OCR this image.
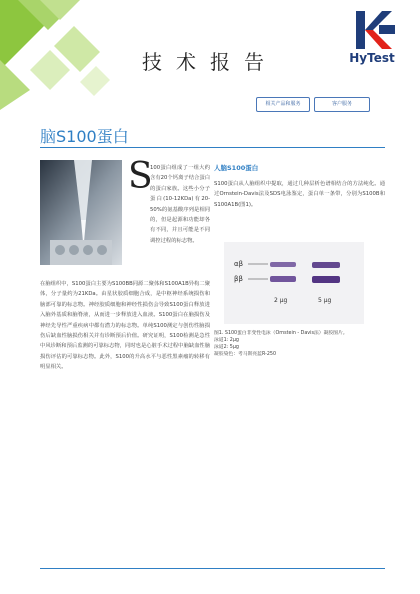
HyTest
技术报告
相关产品和服务	客户服务
脑S100蛋白
S
100蛋白组成了一组大约含有20个钙离子结合蛋白的蛋白家族。这些小分子蛋白(10-12KDa)有20-50%的氨基酸序列是相同的，但是起源和功能却各有不同，并且可能是不同调控过程的标志物。
在脑组织中，S100蛋白主要为S100BB同源二聚体和S100A1B异构二聚体，分子量约为21KDa。由星状胶质细胞合成，是中枢神经系统损伤和脑部可靠的标志物。神经胶质细胞和神经性损伤会导致S100蛋白释放进入脑外基质和脑脊液，从而进一步释放进入血液。S100蛋白在脑损伤及神经先导性严重疾病中都有潜力的标志物。单纯S100测定与创伤性脑损伤后缺血性脑损伤相关并有诊断预后价值。研究证明，S100检测是急性中风诊断和预后监测的可靠标志物，同时也是心脏手术过程中脑缺血性脑损伤评估的可靠标志物。此外，S100的升高水平与恶性黑素瘤的转移有明显相关。
人脑S100蛋白
S100蛋白从人脑组织中提取，通过几种层析色谱相结合的方法纯化。通过Ornstein-Davis法及SDS电泳鉴定，蛋白单一条带，分别为S100B和S100A1B(图1)。
αβ
ββ
2 μg	5 μg
图1. S100蛋白非变性电泳（Ornstein - Davis法）凝胶图片。
泳道1: 2μg
泳道2: 5μg
凝胶染色：考马斯亮蓝R-250
